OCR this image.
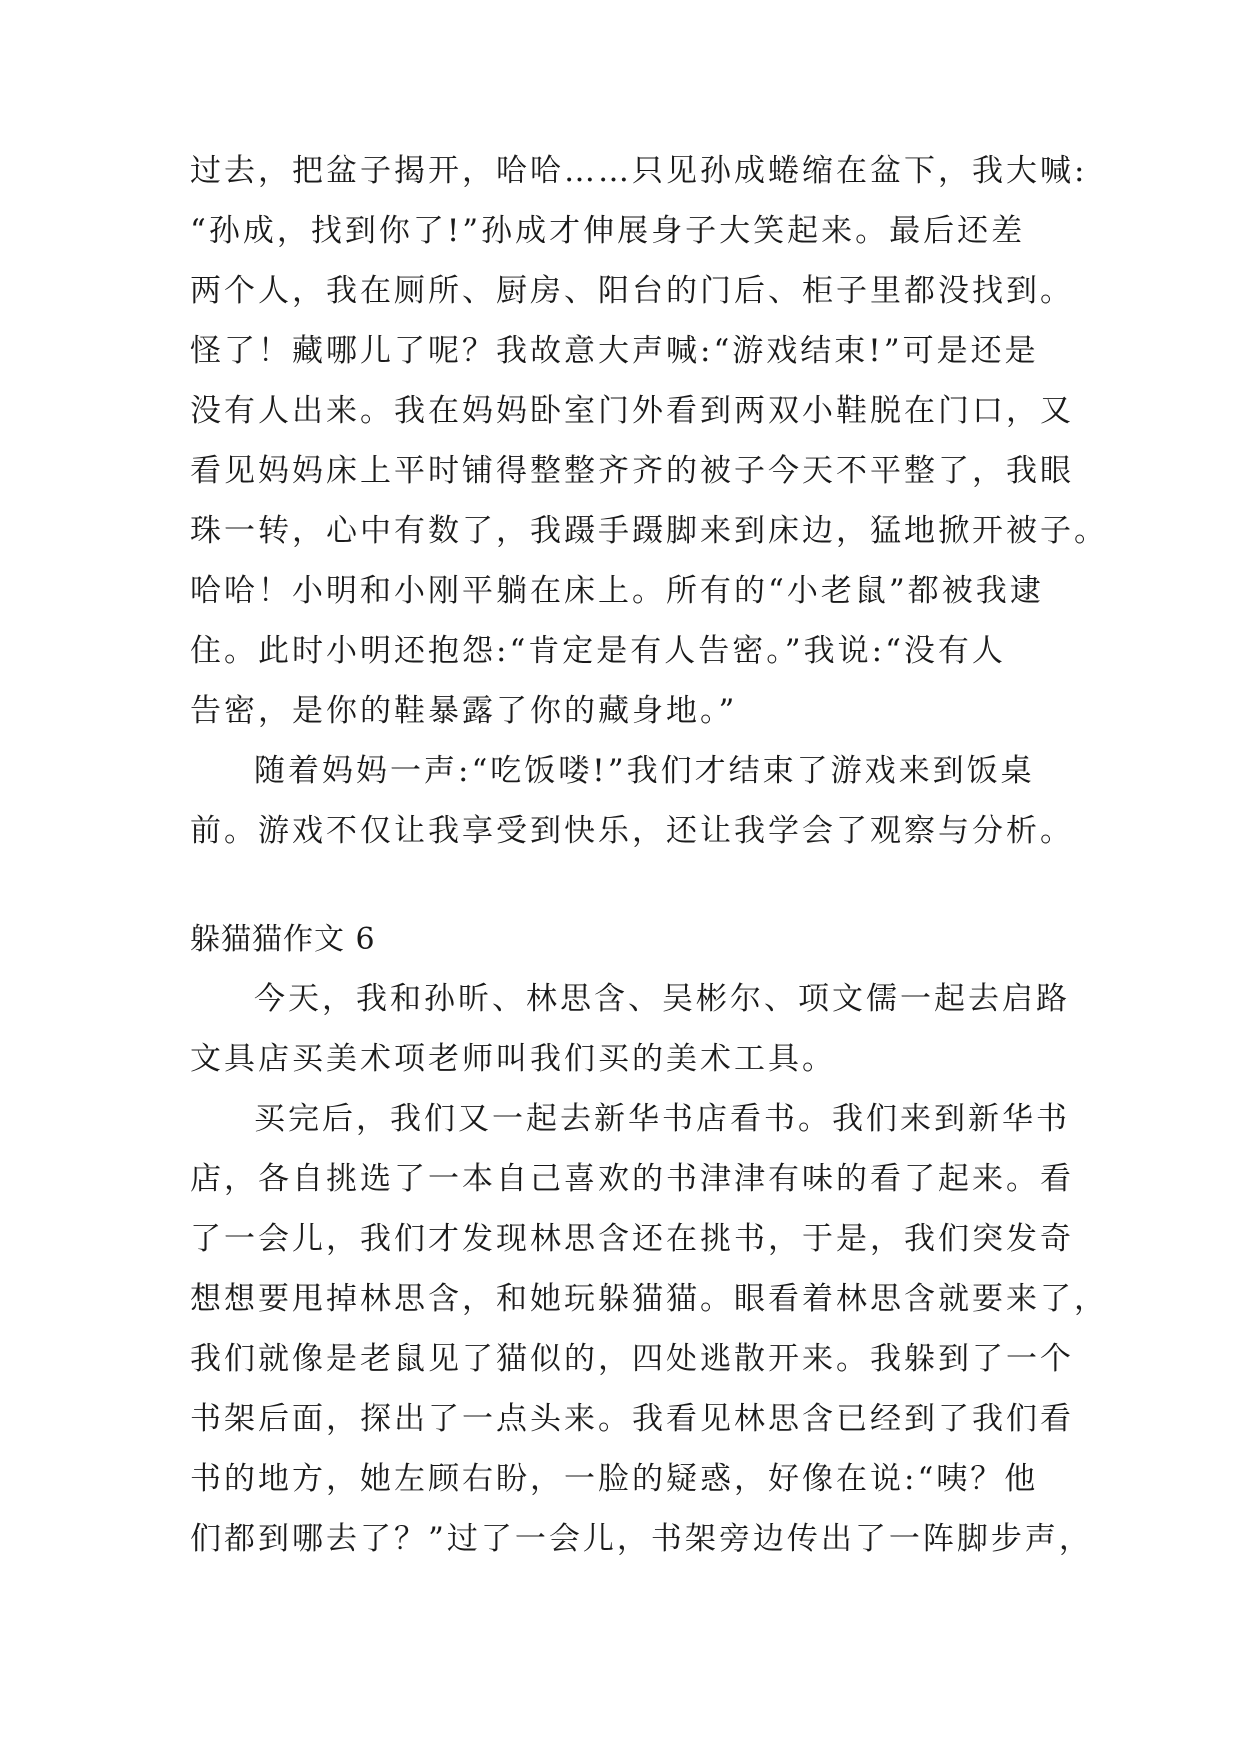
过去，把盆子揭开，哈哈……只见孙成蜷缩在盆下，我大喊:
“孙成，找到你了!”孙成才伸展身子大笑起来。最后还差
两个人，我在厕所、厨房、阳台的门后、柜子里都没找到。
怪了！藏哪儿了呢？我故意大声喊:“游戏结束!”可是还是
没有人出来。我在妈妈卧室门外看到两双小鞋脱在门口，又
看见妈妈床上平时铺得整整齐齐的被子今天不平整了，我眼
珠一转，心中有数了，我蹑手蹑脚来到床边，猛地掀开被子。
哈哈！小明和小刚平躺在床上。所有的“小老鼠”都被我逮
住。此时小明还抱怨:“肯定是有人告密。”我说:“没有人
告密，是你的鞋暴露了你的藏身地。”
随着妈妈一声:“吃饭喽!”我们才结束了游戏来到饭桌
前。游戏不仅让我享受到快乐，还让我学会了观察与分析。
躲猫猫作文 6
今天，我和孙昕、林思含、吴彬尔、项文儒一起去启路
文具店买美术项老师叫我们买的美术工具。
买完后，我们又一起去新华书店看书。我们来到新华书
店，各自挑选了一本自己喜欢的书津津有味的看了起来。看
了一会儿，我们才发现林思含还在挑书，于是，我们突发奇
想想要甩掉林思含，和她玩躲猫猫。眼看着林思含就要来了，
我们就像是老鼠见了猫似的，四处逃散开来。我躲到了一个
书架后面，探出了一点头来。我看见林思含已经到了我们看
书的地方，她左顾右盼，一脸的疑惑，好像在说:“咦？他
们都到哪去了？”过了一会儿，书架旁边传出了一阵脚步声，
